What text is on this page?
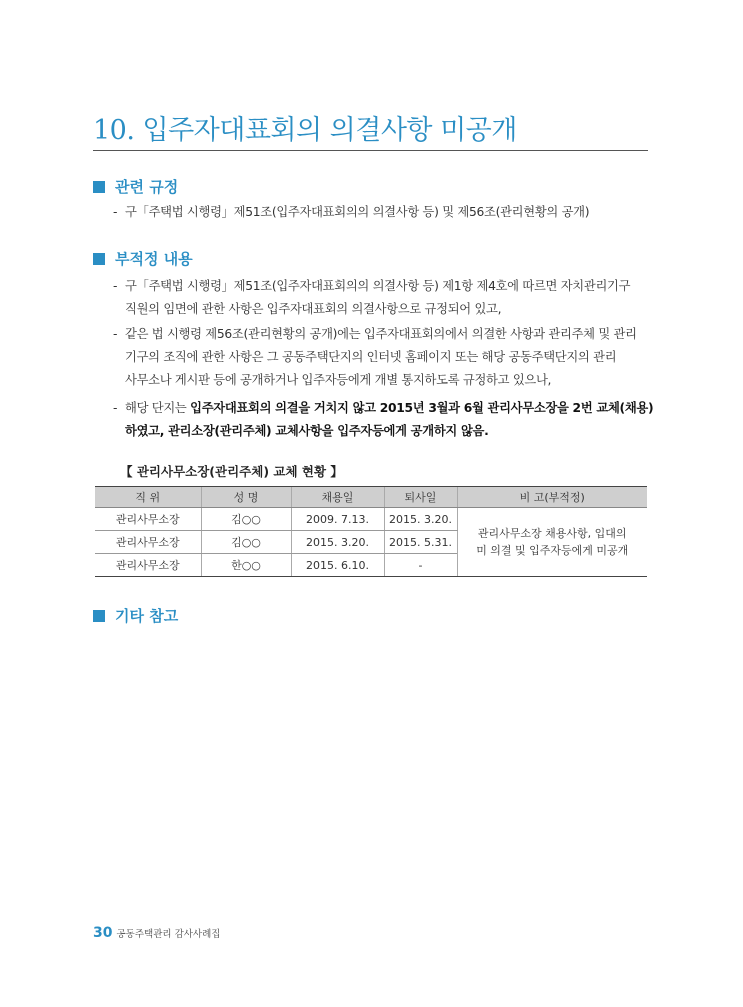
10. 입주자대표회의 의결사항 미공개
관련 규정
- 구「주택법 시행령」제51조(입주자대표회의의 의결사항 등) 및 제56조(관리현황의 공개)
부적정 내용
- 구「주택법 시행령」제51조(입주자대표회의의 의결사항 등) 제1항 제4호에 따르면 자치관리기구
직원의 임면에 관한 사항은 입주자대표회의 의결사항으로 규정되어 있고,
- 같은 법 시행령 제56조(관리현황의 공개)에는 입주자대표회의에서 의결한 사항과 관리주체 및 관리
기구의 조직에 관한 사항은 그 공동주택단지의 인터넷 홈페이지 또는 해당 공동주택단지의 관리
사무소나 게시판 등에 공개하거나 입주자등에게 개별 통지하도록 규정하고 있으나,
- 해당 단지는 입주자대표회의 의결을 거치지 않고 2015년 3월과 6월 관리사무소장을 2번 교체(채용)
하였고, 관리소장(관리주체) 교체사항을 입주자등에게 공개하지 않음.
【 관리사무소장(관리주체) 교체 현황 】
직 위	성 명	채용일	퇴사일	비 고(부적정)
관리사무소장	김○○	2009. 7.13.	2015. 3.20.	관리사무소장 채용사항, 입대의
미 의결 및 입주자등에게 미공개

관리사무소장	김○○	2015. 3.20.	2015. 5.31.	
관리사무소장	한○○	2015. 6.10.	-	
기타 참고
30 공동주택관리 감사사례집
